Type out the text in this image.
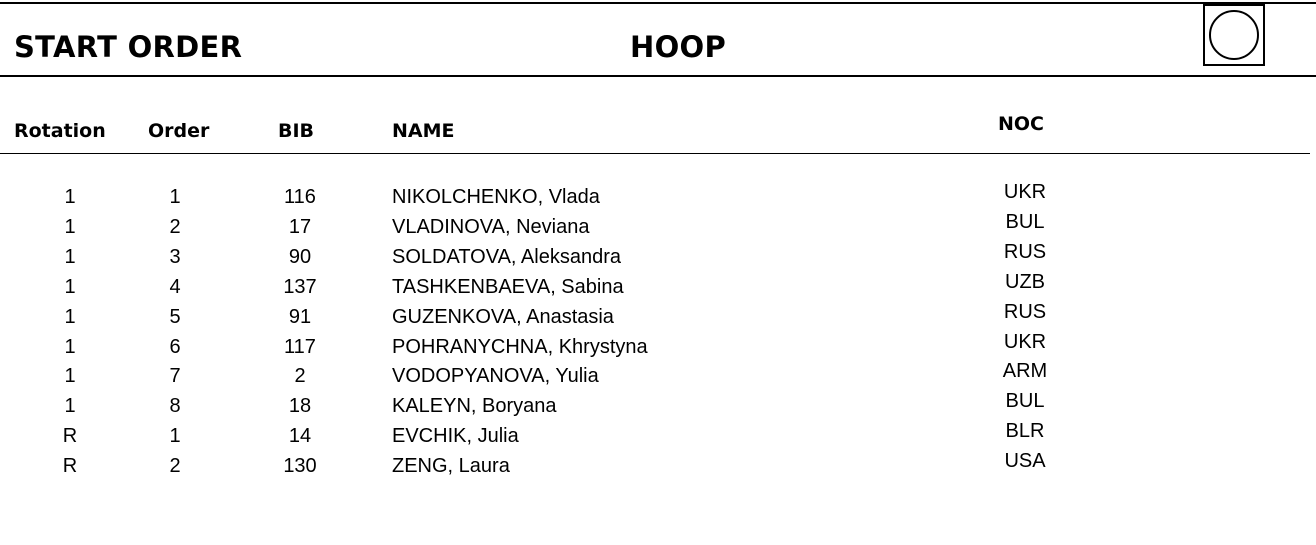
START ORDER	HOOP
Rotation Order	BIB	NAME	NOC
1	1	116	NIKOLCHENKO, Vlada	UKR
1	2	17	VLADINOVA, Neviana	BUL
1	3	90	SOLDATOVA, Aleksandra	RUS
1	4	137	TASHKENBAEVA, Sabina	UZB
1	5	91	GUZENKOVA, Anastasia	RUS
1	6	117	POHRANYCHNA, Khrystyna	UKR
1	7	2	VODOPYANOVA, Yulia	ARM
1	8	18	KALEYN, Boryana	BUL
R	1	14	EVCHIK, Julia	BLR
R	2	130	ZENG, Laura	USA
